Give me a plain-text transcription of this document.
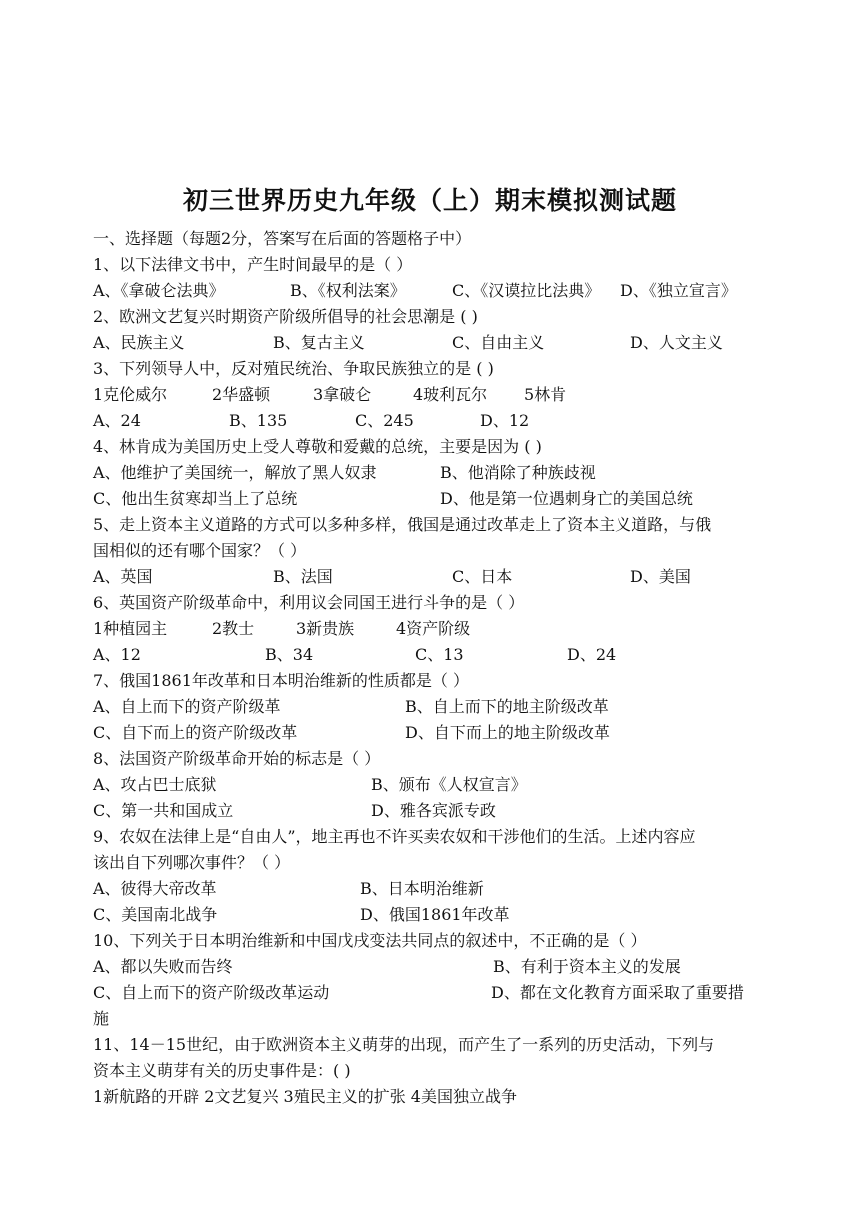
初三世界历史九年级（上）期末模拟测试题
一、选择题（每题2分，答案写在后面的答题格子中）
1、以下法律文书中，产生时间最早的是（ ）
A、《拿破仑法典》	B、《权利法案》	C、《汉谟拉比法典》 D、《独立宣言》
2、欧洲文艺复兴时期资产阶级所倡导的社会思潮是 ( )
A、民族主义	B、复古主义	C、自由主义	D、人文主义
3、下列领导人中，反对殖民统治、争取民族独立的是 ( )
1克伦威尔	2华盛顿	3拿破仑	4玻利瓦尔 5林肯
A、24	B、135	C、245	D、12
4、林肯成为美国历史上受人尊敬和爱戴的总统，主要是因为 ( )
A、他维护了美国统一，解放了黑人奴隶	B、他消除了种族歧视
C、他出生贫寒却当上了总统	D、他是第一位遇刺身亡的美国总统
5、走上资本主义道路的方式可以多种多样，俄国是通过改革走上了资本主义道路，与俄
国相似的还有哪个国家？（ ）
A、英国	B、法国	C、日本	D、美国
6、英国资产阶级革命中，利用议会同国王进行斗争的是（ ）
1种植园主	2教士	3新贵族	4资产阶级
A、12	B、34	C、13	D、24
7、俄国1861年改革和日本明治维新的性质都是（ ）
A、自上而下的资产阶级革	B、自上而下的地主阶级改革
C、自下而上的资产阶级改革	D、自下而上的地主阶级改革
8、法国资产阶级革命开始的标志是（ ）
A、攻占巴士底狱	B、颁布《人权宣言》
C、第一共和国成立	D、雅各宾派专政
9、农奴在法律上是“自由人”，地主再也不许买卖农奴和干涉他们的生活。上述内容应
该出自下列哪次事件？（ ）
A、彼得大帝改革	B、日本明治维新
C、美国南北战争	D、俄国1861年改革
10、下列关于日本明治维新和中国戊戌变法共同点的叙述中，不正确的是（ ）
A、都以失败而告终	B、有利于资本主义的发展
C、自上而下的资产阶级改革运动	D、都在文化教育方面采取了重要措
施
11、14－15世纪，由于欧洲资本主义萌芽的出现，而产生了一系列的历史活动，下列与
资本主义萌芽有关的历史事件是：( )
1新航路的开辟 2文艺复兴 3殖民主义的扩张 4美国独立战争
